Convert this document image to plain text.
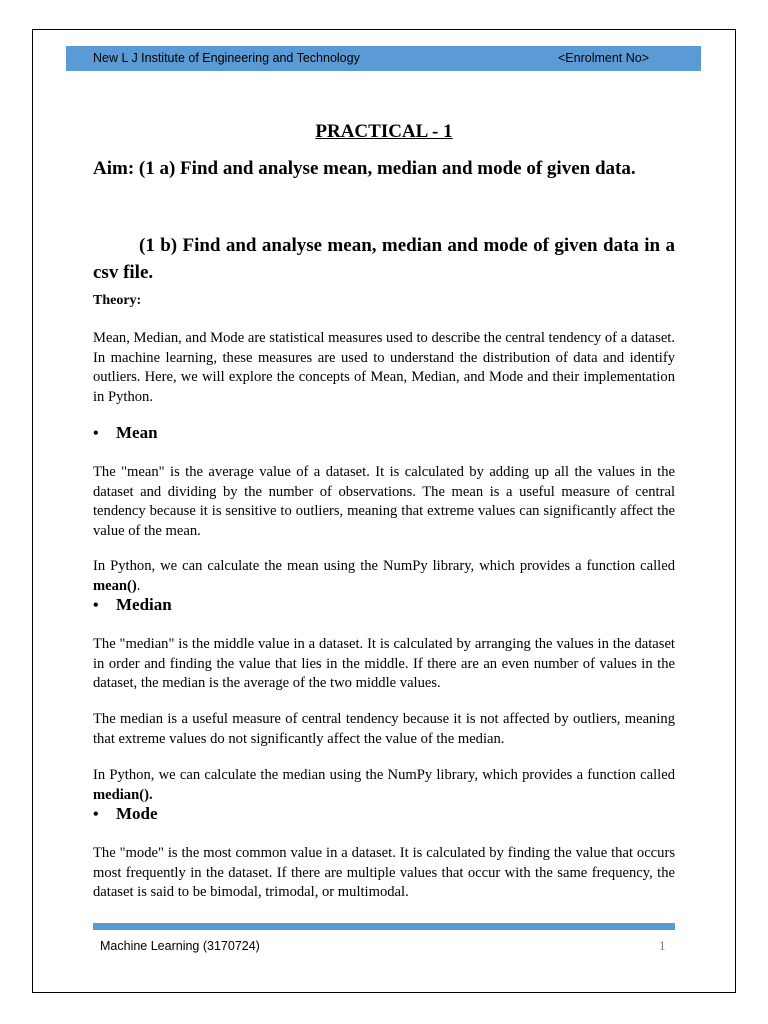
New L J Institute of Engineering and Technology	<Enrolment No>
PRACTICAL - 1
Aim: (1 a) Find and analyse mean, median and mode of given data.
(1 b) Find and analyse mean, median and mode of given data in a csv file.
Theory:

Mean, Median, and Mode are statistical measures used to describe the central tendency of a dataset. In machine learning, these measures are used to understand the distribution of data and identify outliers. Here, we will explore the concepts of Mean, Median, and Mode and their implementation in Python.

• Mean

The "mean" is the average value of a dataset. It is calculated by adding up all the values in the dataset and dividing by the number of observations. The mean is a useful measure of central tendency because it is sensitive to outliers, meaning that extreme values can significantly affect the value of the mean.

In Python, we can calculate the mean using the NumPy library, which provides a function called mean().

• Median

The "median" is the middle value in a dataset. It is calculated by arranging the values in the dataset in order and finding the value that lies in the middle. If there are an even number of values in the dataset, the median is the average of the two middle values.

The median is a useful measure of central tendency because it is not affected by outliers, meaning that extreme values do not significantly affect the value of the median.

In Python, we can calculate the median using the NumPy library, which provides a function called median().

• Mode

The "mode" is the most common value in a dataset. It is calculated by finding the value that occurs most frequently in the dataset. If there are multiple values that occur with the same frequency, the dataset is said to be bimodal, trimodal, or multimodal.

Machine Learning (3170724)	1
